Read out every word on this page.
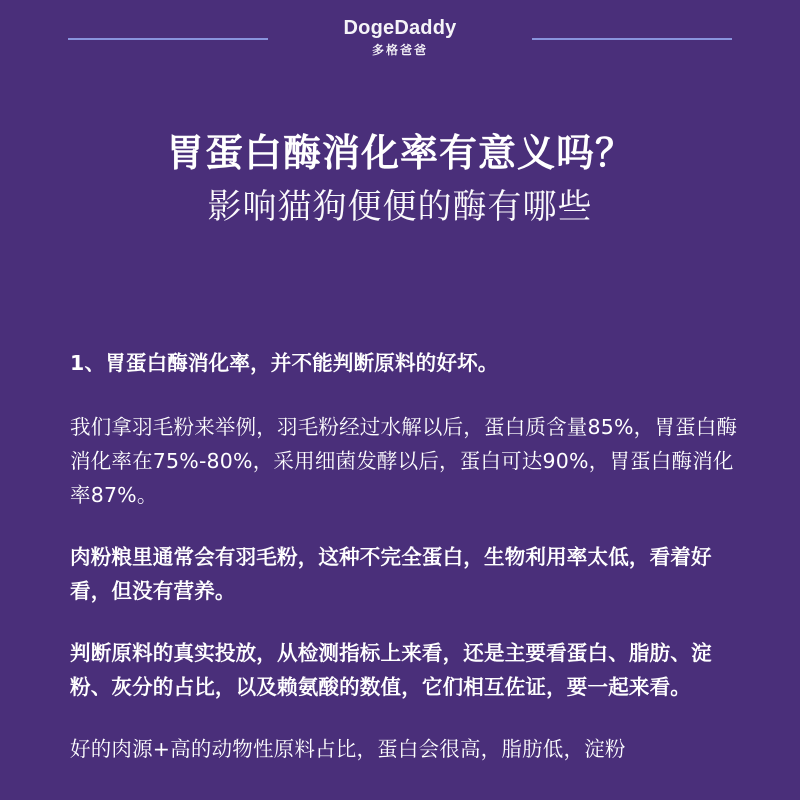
DogeDaddy
多格爸爸
胃蛋白酶消化率有意义吗？
影响猫狗便便的酶有哪些

1、胃蛋白酶消化率，并不能判断原料的好坏。

我们拿羽毛粉来举例，羽毛粉经过水解以后，蛋白质含量85%，胃蛋白酶消化率在75%-80%，采用细菌发酵以后，蛋白可达90%，胃蛋白酶消化率87%。

肉粉粮里通常会有羽毛粉，这种不完全蛋白，生物利用率太低，看着好看，但没有营养。

判断原料的真实投放，从检测指标上来看，还是主要看蛋白、脂肪、淀粉、灰分的占比，以及赖氨酸的数值，它们相互佐证，要一起来看。

好的肉源+高的动物性原料占比，蛋白会很高，脂肪低，淀粉
